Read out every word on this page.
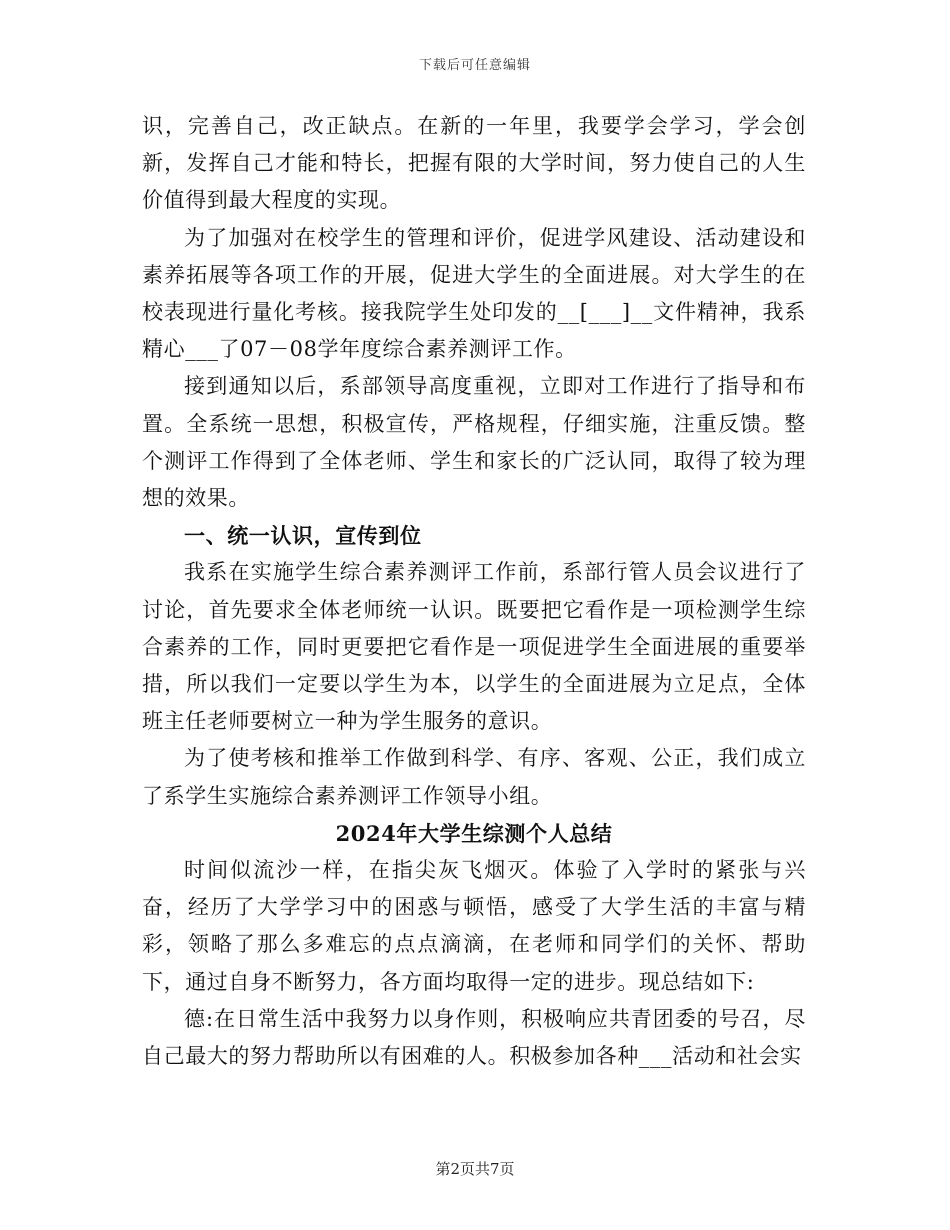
下载后可任意编辑

识，完善自己，改正缺点。在新的一年里，我要学会学习，学会创新，发挥自己才能和特长，把握有限的大学时间，努力使自己的人生价值得到最大程度的实现。

为了加强对在校学生的管理和评价，促进学风建设、活动建设和素养拓展等各项工作的开展，促进大学生的全面进展。对大学生的在校表现进行量化考核。接我院学生处印发的__[___]__文件精神，我系精心___了07－08学年度综合素养测评工作。

接到通知以后，系部领导高度重视，立即对工作进行了指导和布置。全系统一思想，积极宣传，严格规程，仔细实施，注重反馈。整个测评工作得到了全体老师、学生和家长的广泛认同，取得了较为理想的效果。

一、统一认识，宣传到位

我系在实施学生综合素养测评工作前，系部行管人员会议进行了讨论，首先要求全体老师统一认识。既要把它看作是一项检测学生综合素养的工作，同时更要把它看作是一项促进学生全面进展的重要举措，所以我们一定要以学生为本，以学生的全面进展为立足点，全体班主任老师要树立一种为学生服务的意识。

为了使考核和推举工作做到科学、有序、客观、公正，我们成立了系学生实施综合素养测评工作领导小组。

2024年大学生综测个人总结

时间似流沙一样，在指尖灰飞烟灭。体验了入学时的紧张与兴奋，经历了大学学习中的困惑与顿悟，感受了大学生活的丰富与精彩，领略了那么多难忘的点点滴滴，在老师和同学们的关怀、帮助下，通过自身不断努力，各方面均取得一定的进步。现总结如下:

德:在日常生活中我努力以身作则，积极响应共青团委的号召，尽自己最大的努力帮助所以有困难的人。积极参加各种___活动和社会实

第2页共7页
